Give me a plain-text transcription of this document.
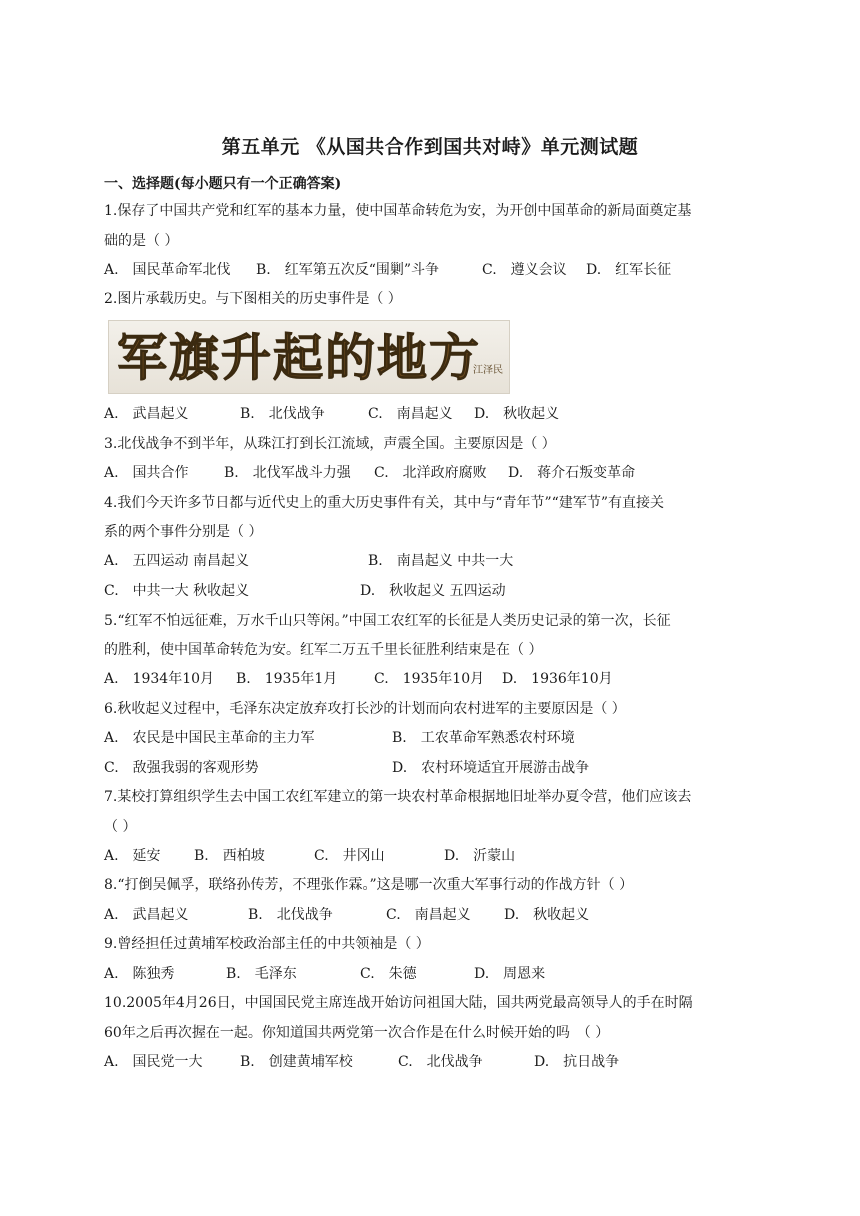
第五单元 《从国共合作到国共对峙》单元测试题
一、选择题(每小题只有一个正确答案)
1.保存了中国共产党和红军的基本力量，使中国革命转危为安，为开创中国革命的新局面奠定基
础的是（ ）
A.　国民革命军北伐 B.　红军第五次反“围剿”斗争	C.　遵义会议 D.　红军长征
2.图片承载历史。与下图相关的历史事件是（ ）
军旗升起的地方
江泽民
A.　武昌起义	B.　北伐战争	C.　南昌起义 D.　秋收起义
3.北伐战争不到半年，从珠江打到长江流域，声震全国。主要原因是（ ）
A.　国共合作	B.　北伐军战斗力强 C.　北洋政府腐败 D.　蒋介石叛变革命
4.我们今天许多节日都与近代史上的重大历史事件有关，其中与“青年节”“建军节”有直接关
系的两个事件分别是（ ）
A.　五四运动 南昌起义	B.　南昌起义 中共一大
C.　中共一大 秋收起义	D.　秋收起义 五四运动
5.“红军不怕远征难，万水千山只等闲。”中国工农红军的长征是人类历史记录的第一次，长征
的胜利，使中国革命转危为安。红军二万五千里长征胜利结束是在（ ）
A.　1934年10月 B.　1935年1月	C.　1935年10月 D.　1936年10月
6.秋收起义过程中，毛泽东决定放弃攻打长沙的计划而向农村进军的主要原因是（ ）
A.　农民是中国民主革命的主力军	B.　工农革命军熟悉农村环境
C.　敌强我弱的客观形势	D.　农村环境适宜开展游击战争
7.某校打算组织学生去中国工农红军建立的第一块农村革命根据地旧址举办夏令营，他们应该去
（ ）
A.　延安 B.　西柏坡	C.　井冈山	D.　沂蒙山
8.“打倒吴佩孚，联络孙传芳，不理张作霖。”这是哪一次重大军事行动的作战方针（ ）
A.　武昌起义	B.　北伐战争	C.　南昌起义 D.　秋收起义
9.曾经担任过黄埔军校政治部主任的中共领袖是（ ）
A.　陈独秀	B.　毛泽东	C.　朱德	D.　周恩来
10.2005年4月26日，中国国民党主席连战开始访问祖国大陆，国共两党最高领导人的手在时隔
60年之后再次握在一起。你知道国共两党第一次合作是在什么时候开始的吗　（ ）
A.　国民党一大	B.　创建黄埔军校	C.　北伐战争	D.　抗日战争
